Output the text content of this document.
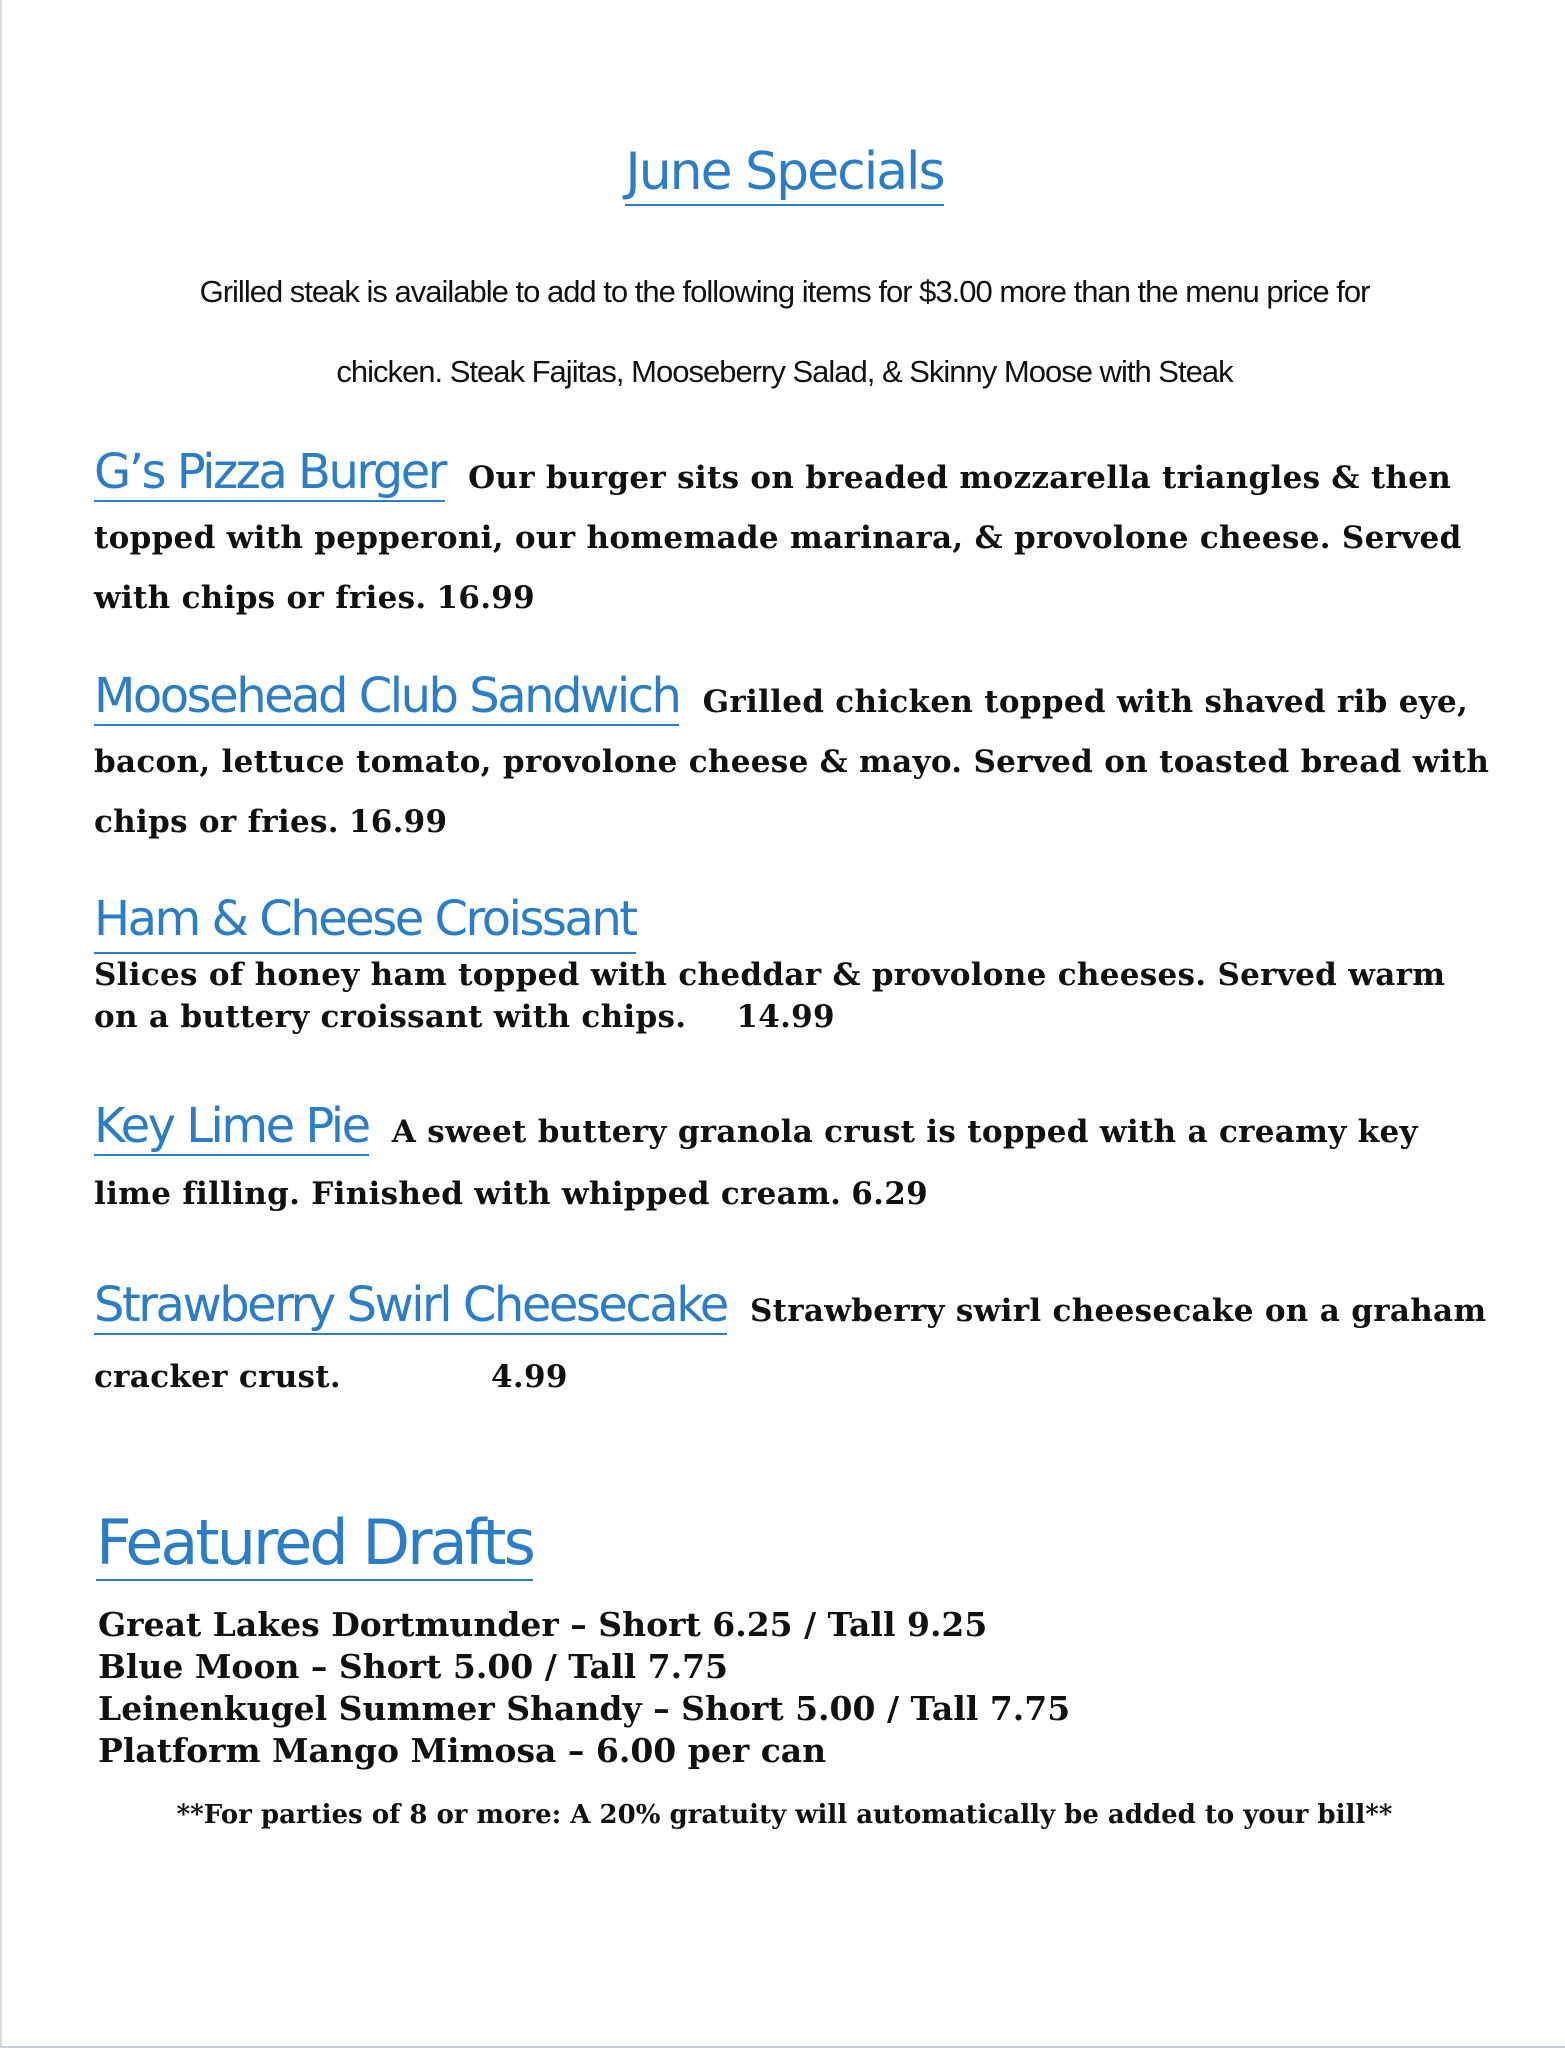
June Specials
Grilled steak is available to add to the following items for $3.00 more than the menu price for
chicken. Steak Fajitas, Mooseberry Salad, & Skinny Moose with Steak

G’s Pizza Burger Our burger sits on breaded mozzarella triangles & then topped with pepperoni, our homemade marinara, & provolone cheese. Served with chips or fries. 16.99

Moosehead Club Sandwich Grilled chicken topped with shaved rib eye, bacon, lettuce tomato, provolone cheese & mayo. Served on toasted bread with chips or fries. 16.99

Ham & Cheese Croissant
Slices of honey ham topped with cheddar & provolone cheeses. Served warm on a buttery croissant with chips. 14.99

Key Lime Pie A sweet buttery granola crust is topped with a creamy key lime filling. Finished with whipped cream. 6.29

Strawberry Swirl Cheesecake Strawberry swirl cheesecake on a graham cracker crust.	4.99

Featured Drafts
Great Lakes Dortmunder – Short 6.25 / Tall 9.25
Blue Moon – Short 5.00 / Tall 7.75
Leinenkugel Summer Shandy – Short 5.00 / Tall 7.75
Platform Mango Mimosa – 6.00 per can

**For parties of 8 or more: A 20% gratuity will automatically be added to your bill**
